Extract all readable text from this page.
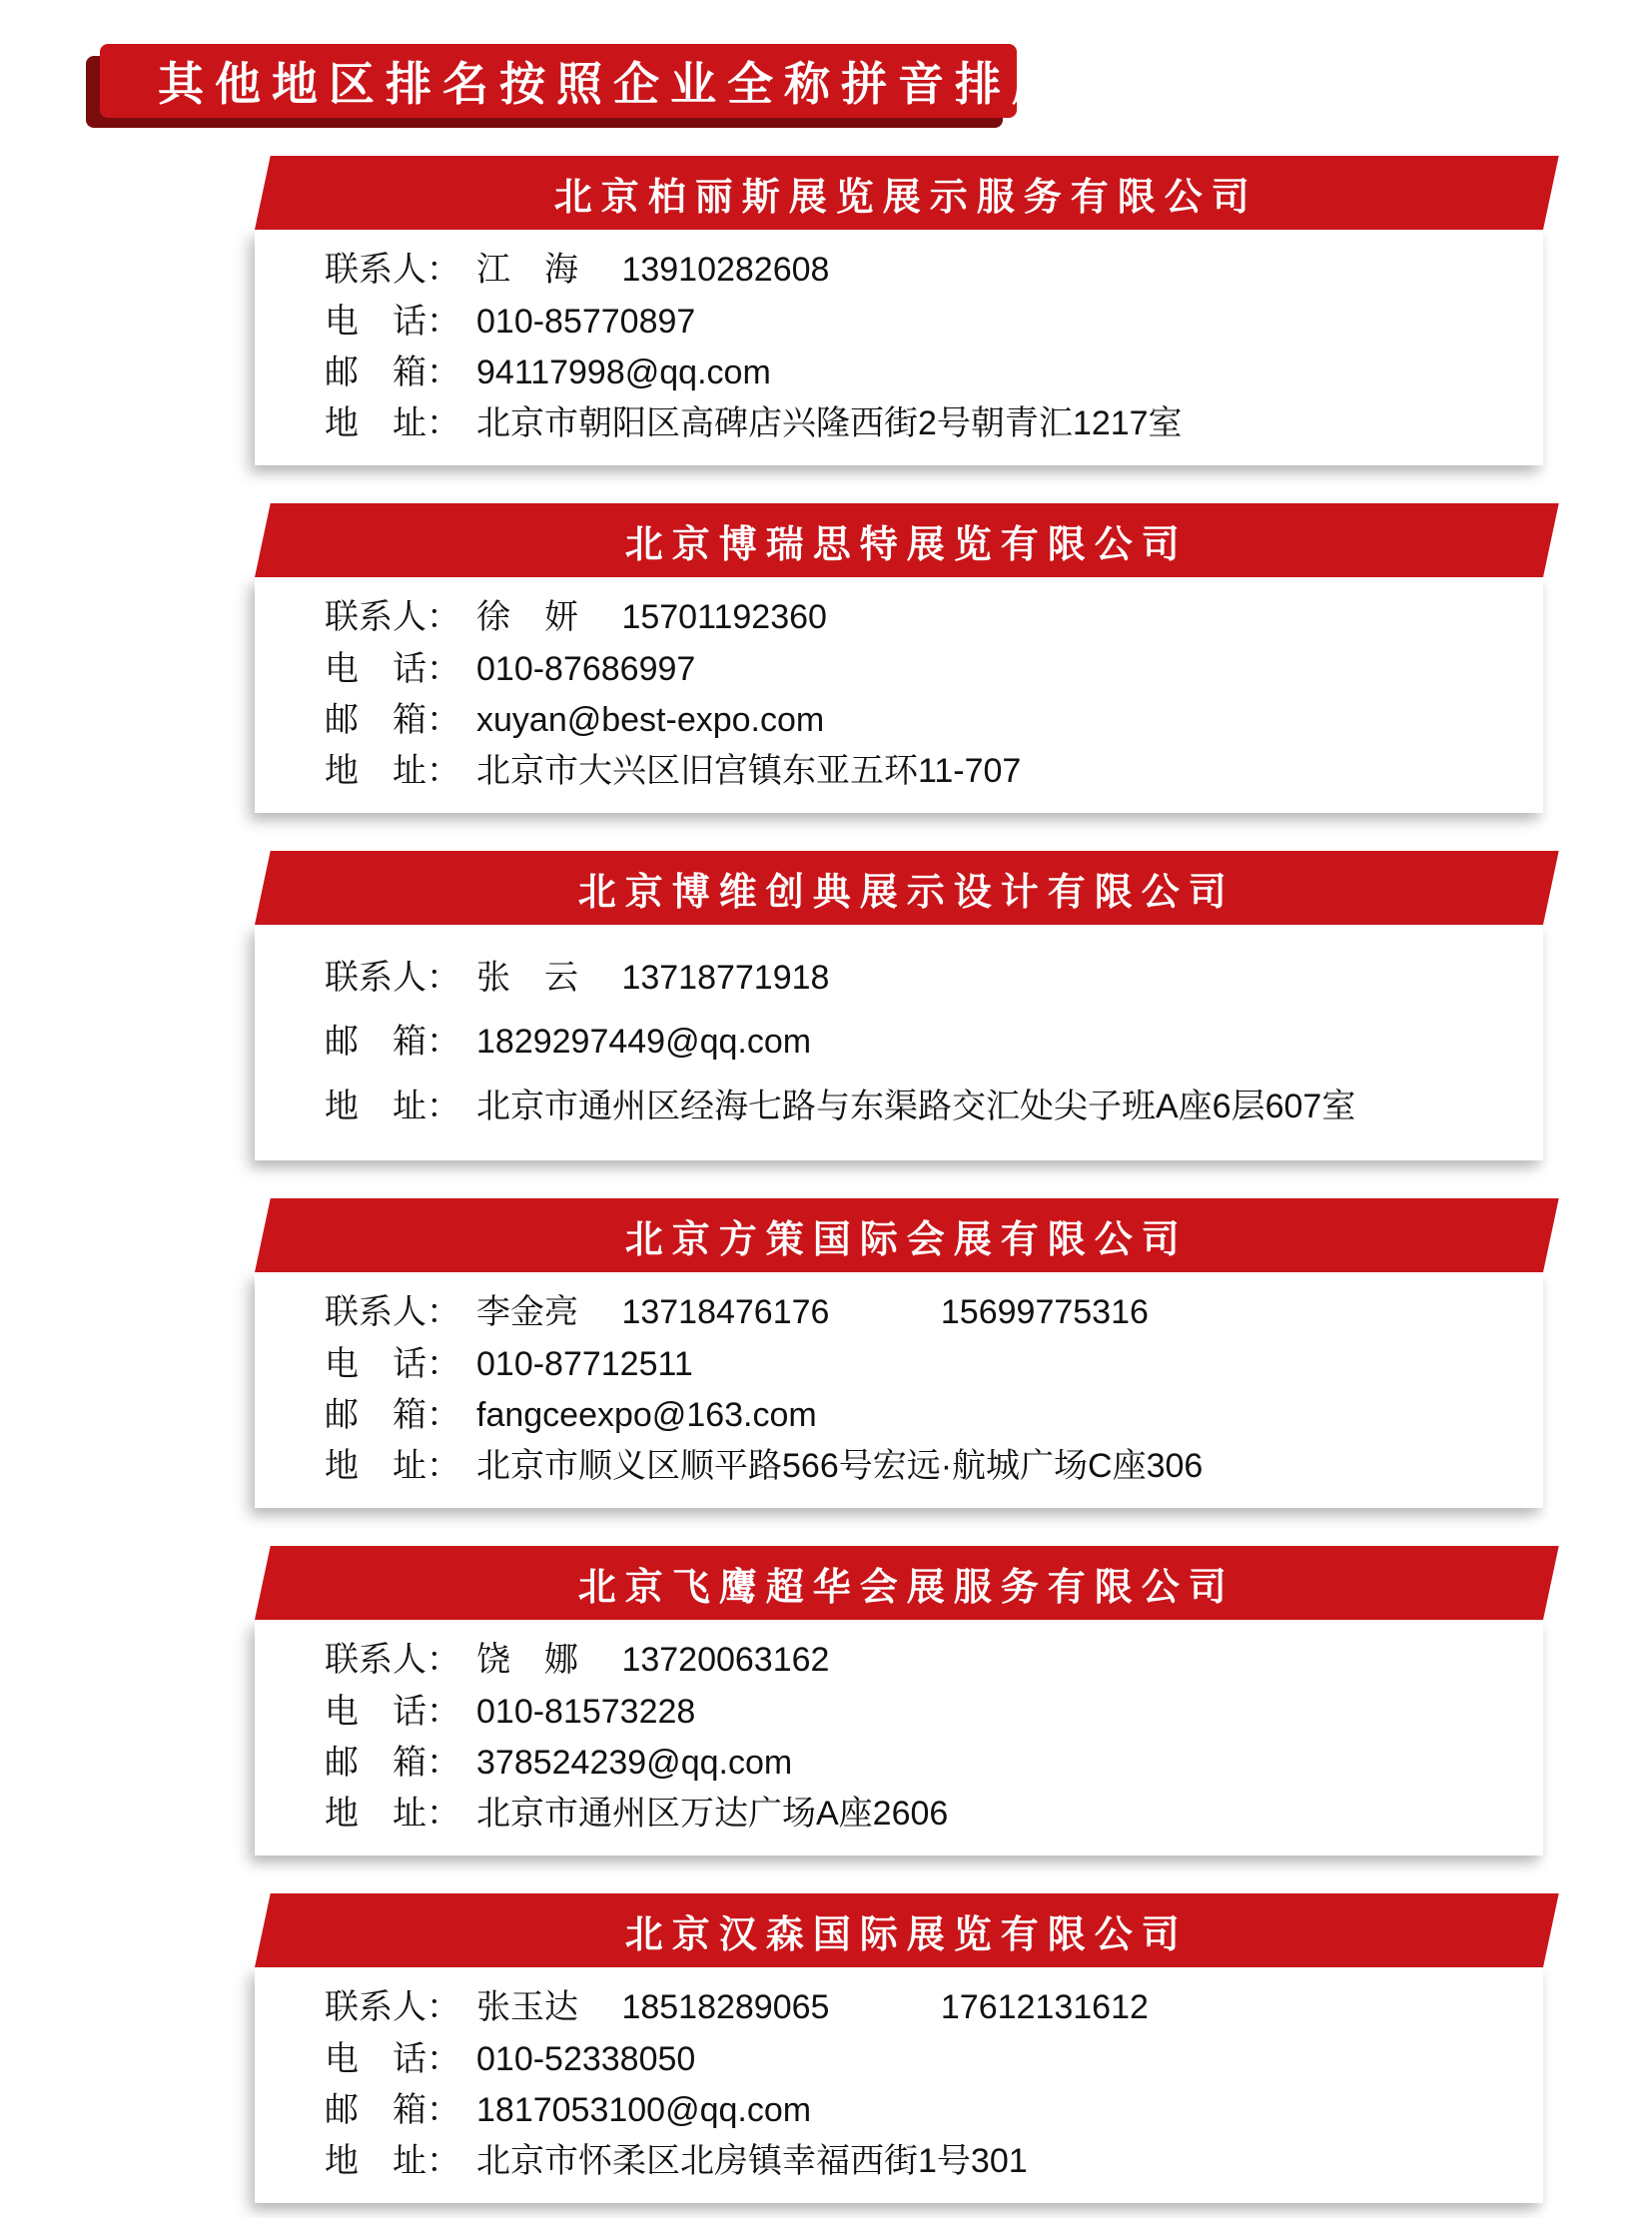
其他地区排名按照企业全称拼音排序
北京柏丽斯展览展示服务有限公司
联系人： 江　海　 13910282608
电　话： 010-85770897
邮　箱： 94117998@qq.com
地　址： 北京市朝阳区高碑店兴隆西街2号朝青汇1217室
北京博瑞思特展览有限公司
联系人： 徐　妍　 15701192360
电　话： 010-87686997
邮　箱： xuyan@best-expo.com
地　址： 北京市大兴区旧宫镇东亚五环11-707
北京博维创典展示设计有限公司
联系人： 张　云　 13718771918
邮　箱： 1829297449@qq.com
地　址： 北京市通州区经海七路与东渠路交汇处尖子班A座6层607室
北京方策国际会展有限公司
联系人： 李金亮　 13718476176　　　 15699775316
电　话： 010-87712511
邮　箱： fangceexpo@163.com
地　址： 北京市顺义区顺平路566号宏远·航城广场C座306
北京飞鹰超华会展服务有限公司
联系人： 饶　娜　 13720063162
电　话： 010-81573228
邮　箱： 378524239@qq.com
地　址： 北京市通州区万达广场A座2606
北京汉森国际展览有限公司
联系人： 张玉达　 18518289065　　　 17612131612
电　话： 010-52338050
邮　箱： 1817053100@qq.com
地　址： 北京市怀柔区北房镇幸福西街1号301
